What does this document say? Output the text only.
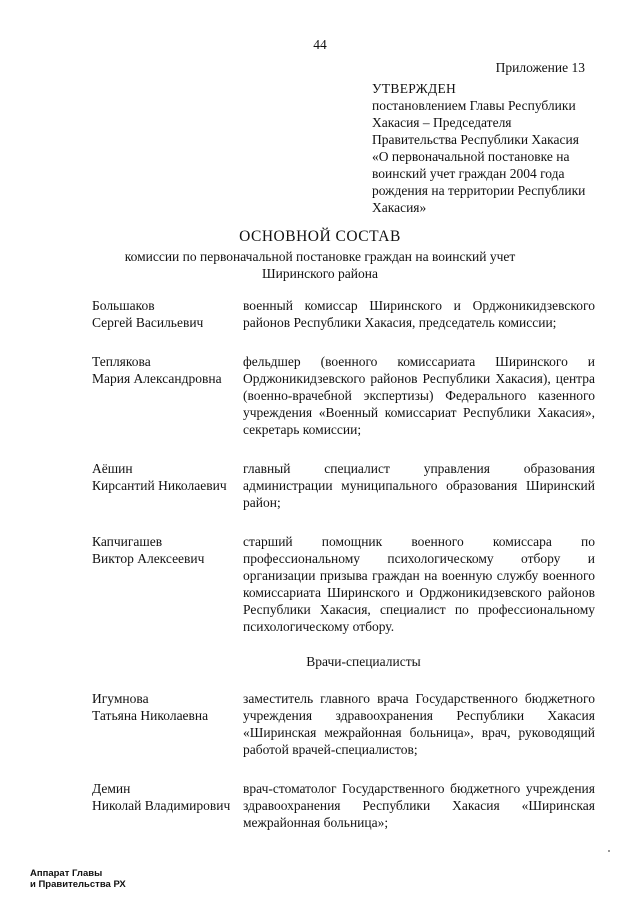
44
Приложение 13
УТВЕРЖДЕН
постановлением Главы Республики Хакасия – Председателя Правительства Республики Хакасия «О первоначальной постановке на воинский учет граждан 2004 года рождения на территории Республики Хакасия»
ОСНОВНОЙ СОСТАВ
комиссии по первоначальной постановке граждан на воинский учет
Ширинского района
Большаков
Сергей Васильевич
военный комиссар Ширинского и Орджоникидзевского районов Республики Хакасия, председатель комиссии;
Теплякова
Мария Александровна
фельдшер (военного комиссариата Ширинского и Орджоникидзевского районов Республики Хакасия), центра (военно-врачебной экспертизы) Федерального казенного учреждения «Военный комиссариат Республики Хакасия», секретарь комиссии;
Аёшин
Кирсантий Николаевич
главный специалист управления образования администрации муниципального образования Ширинский район;
Капчигашев
Виктор Алексеевич
старший помощник военного комиссара по профессиональному психологическому отбору и организации призыва граждан на военную службу военного комиссариата Ширинского и Орджоникидзевского районов Республики Хакасия, специалист по профессиональному психологическому отбору.
Врачи-специалисты
Игумнова
Татьяна Николаевна
заместитель главного врача Государственного бюджетного учреждения здравоохранения Республики Хакасия «Ширинская межрайонная больница», врач, руководящий работой врачей-специалистов;
Демин
Николай Владимирович
врач-стоматолог Государственного бюджетного учреждения здравоохранения Республики Хакасия «Ширинская межрайонная больница»;
Аппарат Главы
и Правительства РХ
